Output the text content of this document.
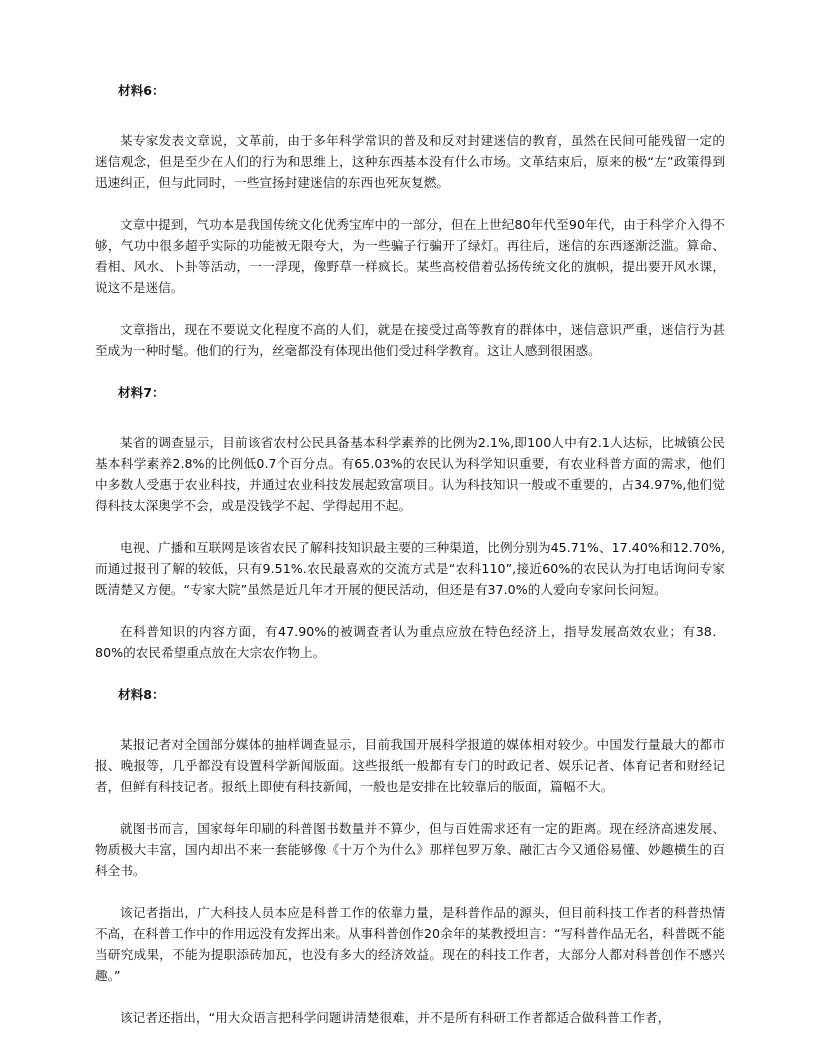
材料6：

某专家发表文章说，文革前，由于多年科学常识的普及和反对封建迷信的教育，虽然在民间可能残留一定的迷信观念，但是至少在人们的行为和思维上，这种东西基本没有什么市场。文革结束后，原来的极“左”政策得到迅速纠正，但与此同时，一些宣扬封建迷信的东西也死灰复燃。

文章中提到，气功本是我国传统文化优秀宝库中的一部分，但在上世纪80年代至90年代，由于科学介入得不够，气功中很多超乎实际的功能被无限夸大，为一些骗子行骗开了绿灯。再往后，迷信的东西逐渐泛滥。算命、看相、风水、卜卦等活动，一一浮现，像野草一样疯长。某些高校借着弘扬传统文化的旗帜，提出要开风水课，说这不是迷信。

文章指出，现在不要说文化程度不高的人们，就是在接受过高等教育的群体中，迷信意识严重，迷信行为甚至成为一种时髦。他们的行为，丝毫都没有体现出他们受过科学教育。这让人感到很困惑。

材料7：

某省的调查显示，目前该省农村公民具备基本科学素养的比例为2.1%,即100人中有2.1人达标，比城镇公民基本科学素养2.8%的比例低0.7个百分点。有65.03%的农民认为科学知识重要，有农业科普方面的需求，他们中多数人受惠于农业科技，并通过农业科技发展起致富项目。认为科技知识一般或不重要的，占34.97%,他们觉得科技太深奥学不会，或是没钱学不起、学得起用不起。

电视、广播和互联网是该省农民了解科技知识最主要的三种渠道，比例分别为45.71%、17.40%和12.70%,而通过报刊了解的较低，只有9.51%.农民最喜欢的交流方式是“农科110”,接近60%的农民认为打电话询问专家既清楚又方便。“专家大院”虽然是近几年才开展的便民活动，但还是有37.0%的人爱向专家问长问短。

在科普知识的内容方面，有47.90%的被调查者认为重点应放在特色经济上，指导发展高效农业；有38．80%的农民希望重点放在大宗农作物上。

材料8：

某报记者对全国部分媒体的抽样调查显示，目前我国开展科学报道的媒体相对较少。中国发行量最大的都市报、晚报等，几乎都没有设置科学新闻版面。这些报纸一般都有专门的时政记者、娱乐记者、体育记者和财经记者，但鲜有科技记者。报纸上即使有科技新闻，一般也是安排在比较靠后的版面，篇幅不大。

就图书而言，国家每年印刷的科普图书数量并不算少，但与百姓需求还有一定的距离。现在经济高速发展、物质极大丰富，国内却出不来一套能够像《十万个为什么》那样包罗万象、融汇古今又通俗易懂、妙趣横生的百科全书。

该记者指出，广大科技人员本应是科普工作的依靠力量，是科普作品的源头，但目前科技工作者的科普热情不高，在科普工作中的作用远没有发挥出来。从事科普创作20余年的某教授坦言：“写科普作品无名，科普既不能当研究成果，不能为提职添砖加瓦，也没有多大的经济效益。现在的科技工作者，大部分人都对科普创作不感兴趣。”

该记者还指出，“用大众语言把科学问题讲清楚很难，并不是所有科研工作者都适合做科普工作者，
